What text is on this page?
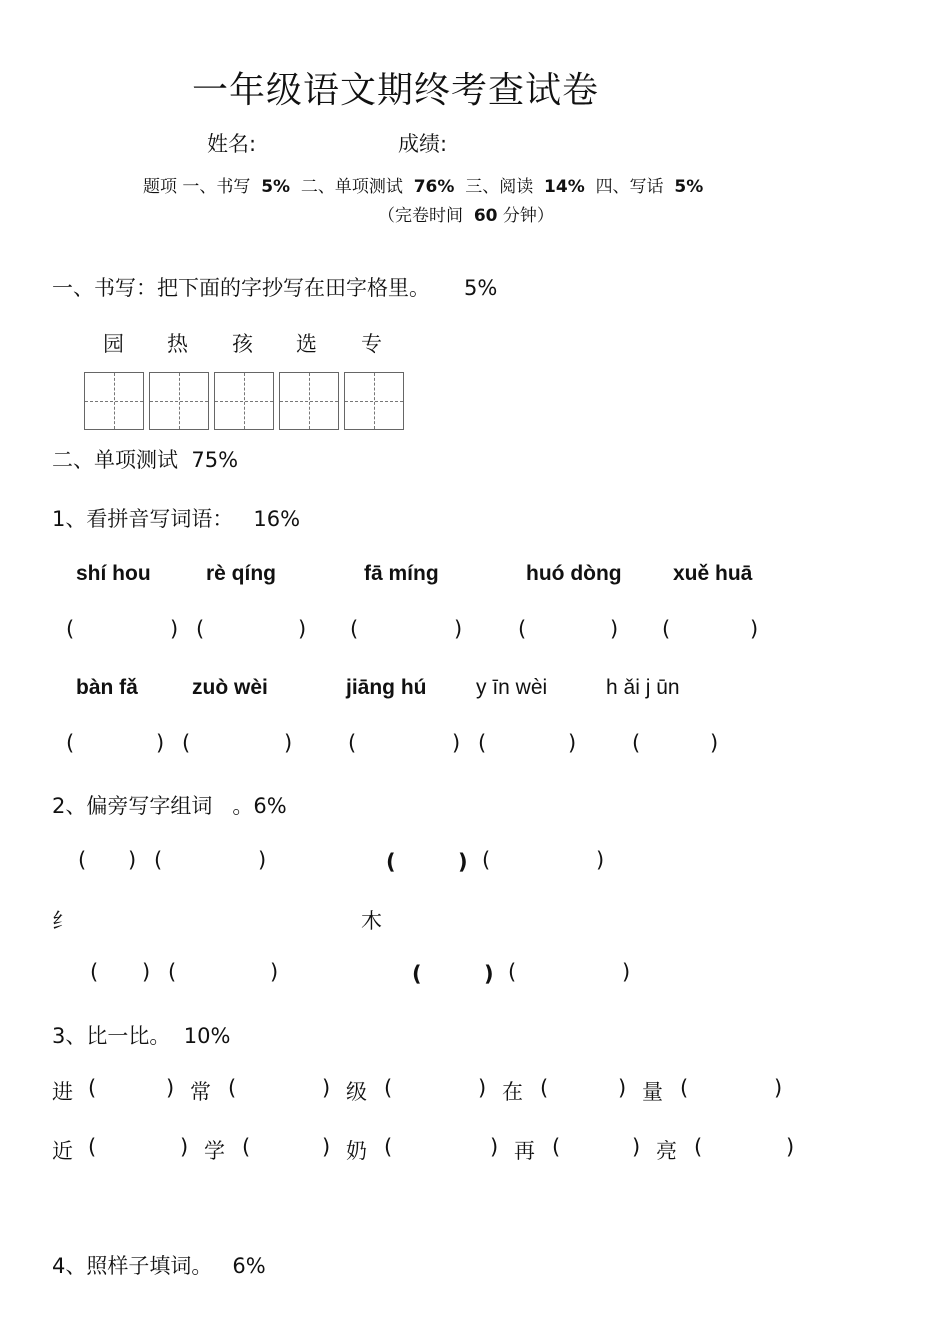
一年级语文期终考查试卷
姓名:	成绩:
题项 一、书写 5% 二、单项测试 76% 三、阅读 14% 四、写话 5%
（完卷时间 60 分钟）
一、书写：把下面的字抄写在田字格里。 5%
园 热 孩 选 专
二、单项测试 75%
1、看拼音写词语： 16%
shí hou	rè qíng	fā míng	huó dòng xuě huā
(	) (	) (	)	(	) (	)
bàn fǎ	zuò wèi	jiāng hú y īn wèi	h ǎi j ūn
(	) (	)	(	) (	)	(	)
2、偏旁写字组词 。6%
( ) (	)	(	) (	)
纟	木
( ) (	)	(	) (	)
3、比一比。 10%
进 (	) 常 (	) 级 (	) 在 (	) 量 (	)
近 (	) 学 (	) 奶 (	) 再 (	) 亮 (	)
4、照样子填词。 6%
